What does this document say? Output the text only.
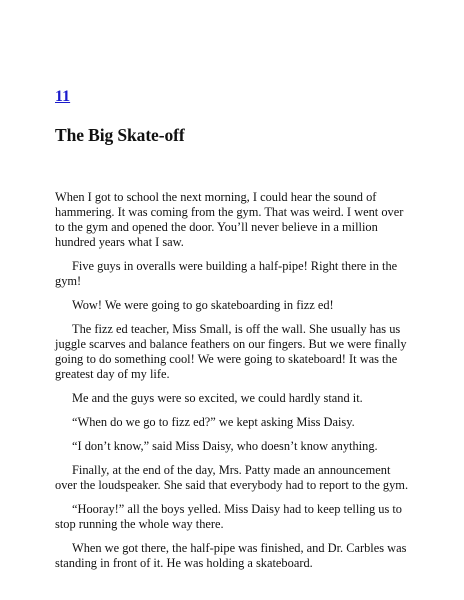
11
The Big Skate-off

When I got to school the next morning, I could hear the sound of hammering. It was coming from the gym. That was weird. I went over to the gym and opened the door. You’ll never believe in a million hundred years what I saw.

Five guys in overalls were building a half-pipe! Right there in the gym!

Wow! We were going to go skateboarding in fizz ed!

The fizz ed teacher, Miss Small, is off the wall. She usually has us juggle scarves and balance feathers on our fingers. But we were finally going to do something cool! We were going to skateboard! It was the greatest day of my life.

Me and the guys were so excited, we could hardly stand it.

“When do we go to fizz ed?” we kept asking Miss Daisy.

“I don’t know,” said Miss Daisy, who doesn’t know anything.

Finally, at the end of the day, Mrs. Patty made an announcement over the loudspeaker. She said that everybody had to report to the gym.

“Hooray!” all the boys yelled. Miss Daisy had to keep telling us to stop running the whole way there.

When we got there, the half-pipe was finished, and Dr. Carbles was standing in front of it. He was holding a skateboard.
